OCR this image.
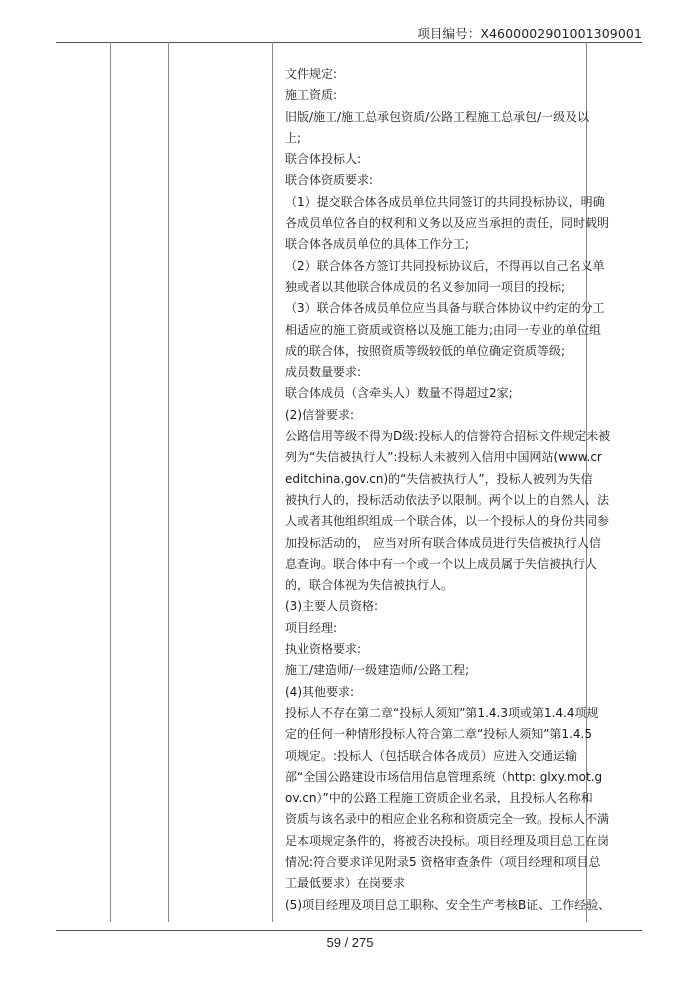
项目编号：X4600002901001309001
文件规定:
施工资质:
旧版/施工/施工总承包资质/公路工程施工总承包/一级及以
上;
联合体投标人:
联合体资质要求:
（1）提交联合体各成员单位共同签订的共同投标协议，明确
各成员单位各自的权利和义务以及应当承担的责任，同时载明
联合体各成员单位的具体工作分工;
（2）联合体各方签订共同投标协议后，不得再以自己名义单
独或者以其他联合体成员的名义参加同一项目的投标;
（3）联合体各成员单位应当具备与联合体协议中约定的分工
相适应的施工资质或资格以及施工能力;由同一专业的单位组
成的联合体，按照资质等级较低的单位确定资质等级;
成员数量要求:
联合体成员（含牵头人）数量不得超过2家;
(2)信誉要求:
公路信用等级不得为D级:投标人的信誉符合招标文件规定未被
列为“失信被执行人”:投标人未被列入信用中国网站(www.cr
editchina.gov.cn)的“失信被执行人”，投标人被列为失信
被执行人的，投标活动依法予以限制。两个以上的自然人、法
人或者其他组织组成一个联合体，以一个投标人的身份共同参
加投标活动的， 应当对所有联合体成员进行失信被执行人信
息查询。联合体中有一个或一个以上成员属于失信被执行人
的，联合体视为失信被执行人。
(3)主要人员资格:
项目经理:
执业资格要求:
施工/建造师/一级建造师/公路工程;
(4)其他要求:
投标人不存在第二章“投标人须知”第1.4.3项或第1.4.4项规
定的任何一种情形投标人符合第二章“投标人须知”第1.4.5
项规定。:投标人（包括联合体各成员）应进入交通运输
部“全国公路建设市场信用信息管理系统（http: glxy.mot.g
ov.cn）”中的公路工程施工资质企业名录，且投标人名称和
资质与该名录中的相应企业名称和资质完全一致。投标人不满
足本项规定条件的，将被否决投标。项目经理及项目总工在岗
情况:符合要求详见附录5 资格审查条件（项目经理和项目总
工最低要求）在岗要求
(5)项目经理及项目总工职称、安全生产考核B证、工作经验、
59 / 275
